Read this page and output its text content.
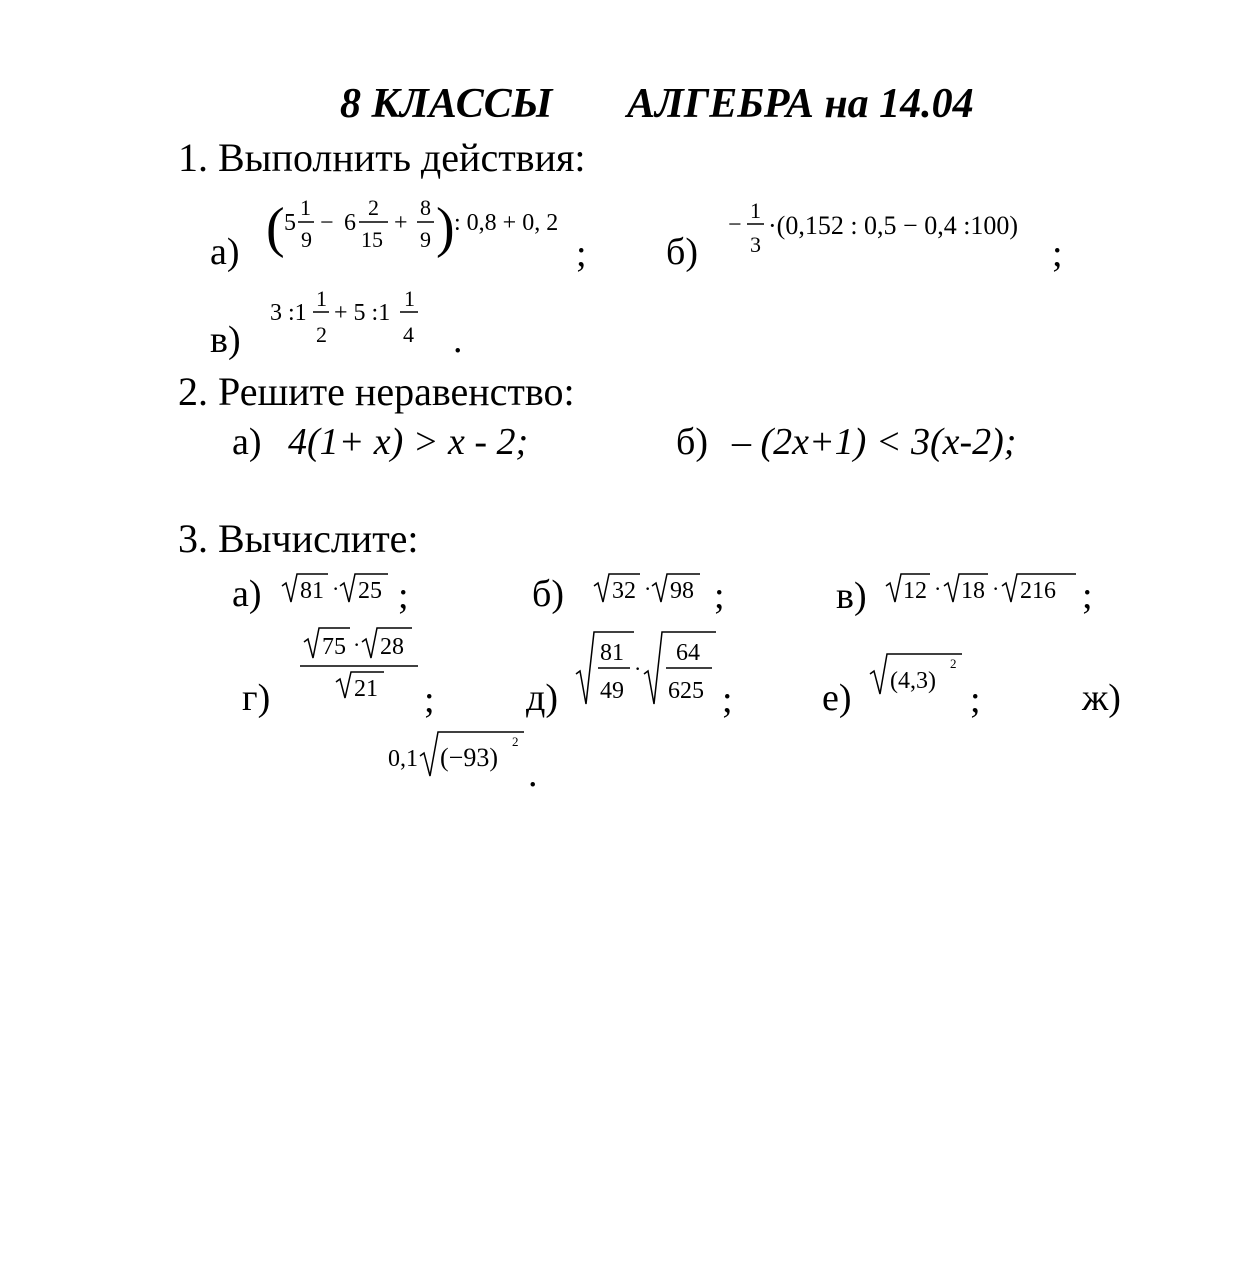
8 КЛАССЫ АЛГЕБРА на 14.04
1. Выполнить действия:
а) ( 5
1
9
− 6
2
15
+
8
9 ) : 0,8 + 0, 2
; б)
−
1
3
·(0,152 : 0,5 − 0,4 :100)
;
в)
3 :1
1
2
+ 5 :1
1
4 .
2. Решите неравенство:
а) 4(1+ x) > x - 2;	б) – (2x+1) < 3(x-2);
3. Вычислите:
а) 81 · 25 ;	б) 32 · 98 ;	в) 12 · 18 · 216 ;
г)
75 · 28
21 ; д)
81
49
·
64
625 ; е) (4,3)
2
;	ж)
0,1 (−93)
2
.
